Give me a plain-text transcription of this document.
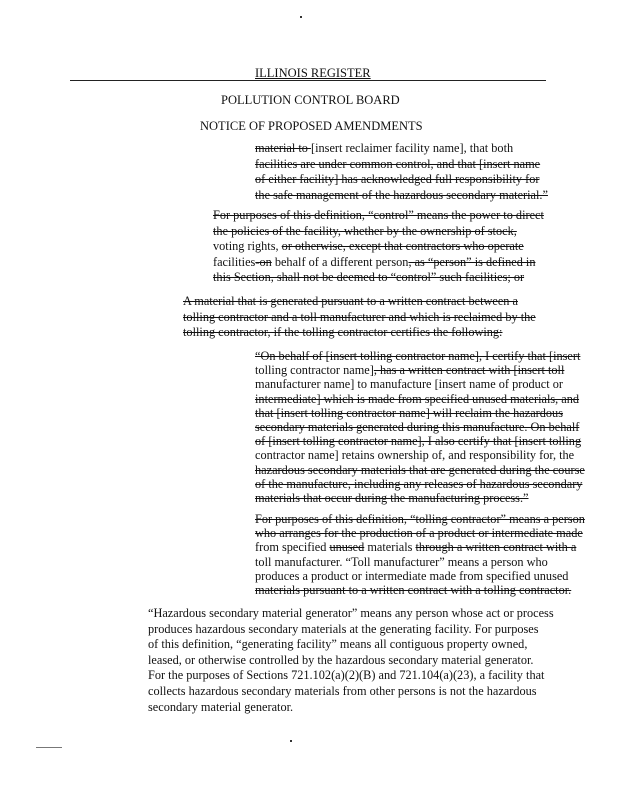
ILLINOIS REGISTER
POLLUTION CONTROL BOARD
NOTICE OF PROPOSED AMENDMENTS
material to [insert reclaimer facility name], that both
facilities are under common control, and that [insert name
of either facility] has acknowledged full responsibility for
the safe management of the hazardous secondary material.”
For purposes of this definition, “control” means the power to direct
the policies of the facility, whether by the ownership of stock,
voting rights, or otherwise, except that contractors who operate
facilities-on behalf of a different person, as “person” is defined in
this Section, shall not be deemed to “control” such facilities; or
A material that is generated pursuant to a written contract between a
tolling contractor and a toll manufacturer and which is reclaimed by the
tolling contractor, if the tolling contractor certifies the following:
“On behalf of [insert tolling contractor name], I certify that [insert
tolling contractor name], has a written contract with [insert toll
manufacturer name] to manufacture [insert name of product or
intermediate] which is made from specified unused materials, and
that [insert tolling contractor name] will reclaim the hazardous
secondary materials generated during this manufacture. On behalf
of [insert tolling contractor name], I also certify that [insert tolling
contractor name] retains ownership of, and responsibility for, the
hazardous secondary materials that are generated during the course
of the manufacture, including any releases of hazardous secondary
materials that occur during the manufacturing process.”
For purposes of this definition, “tolling contractor” means a person
who arranges for the production of a product or intermediate made
from specified unused materials through a written contract with a
toll manufacturer. “Toll manufacturer” means a person who
produces a product or intermediate made from specified unused
materials pursuant to a written contract with a tolling contractor.
“Hazardous secondary material generator” means any person whose act or process
produces hazardous secondary materials at the generating facility. For purposes
of this definition, “generating facility” means all contiguous property owned,
leased, or otherwise controlled by the hazardous secondary material generator.
For the purposes of Sections 721.102(a)(2)(B) and 721.104(a)(23), a facility that
collects hazardous secondary materials from other persons is not the hazardous
secondary material generator.
